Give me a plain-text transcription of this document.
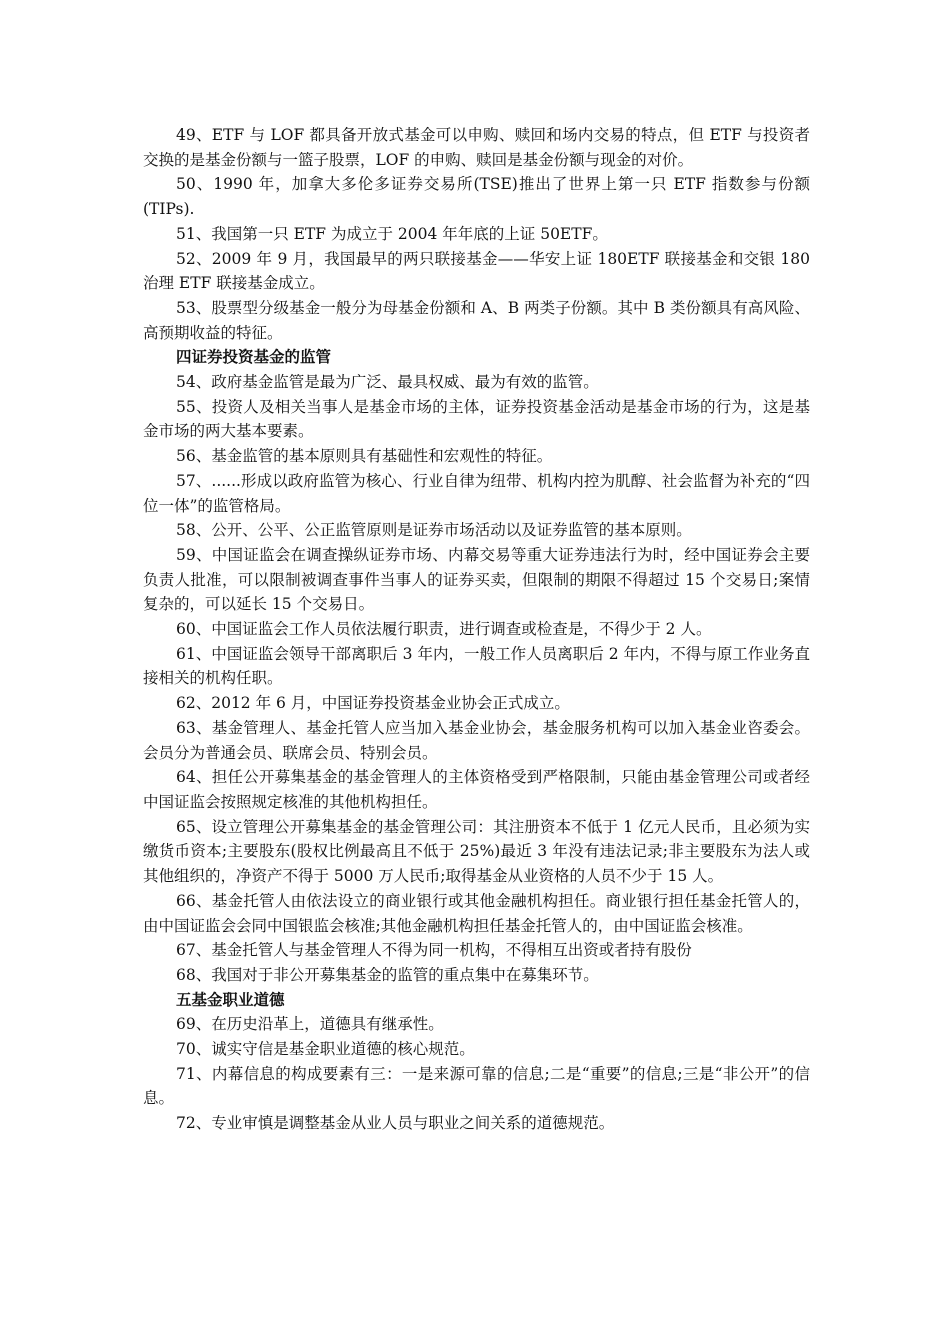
49、ETF 与 LOF 都具备开放式基金可以申购、赎回和场内交易的特点，但 ETF 与投资者交换的是基金份额与一篮子股票，LOF 的申购、赎回是基金份额与现金的对价。

50、1990 年，加拿大多伦多证券交易所(TSE)推出了世界上第一只 ETF 指数参与份额(TIPs).

51、我国第一只 ETF 为成立于 2004 年年底的上证 50ETF。

52、2009 年 9 月，我国最早的两只联接基金——华安上证 180ETF 联接基金和交银 180 治理 ETF 联接基金成立。

53、股票型分级基金一般分为母基金份额和 A、B 两类子份额。其中 B 类份额具有高风险、高预期收益的特征。

四证券投资基金的监管

54、政府基金监管是最为广泛、最具权威、最为有效的监管。

55、投资人及相关当事人是基金市场的主体，证券投资基金活动是基金市场的行为，这是基金市场的两大基本要素。

56、基金监管的基本原则具有基础性和宏观性的特征。

57、......形成以政府监管为核心、行业自律为纽带、机构内控为肌醇、社会监督为补充的“四位一体”的监管格局。

58、公开、公平、公正监管原则是证券市场活动以及证券监管的基本原则。

59、中国证监会在调查操纵证券市场、内幕交易等重大证券违法行为时，经中国证券会主要负责人批准，可以限制被调查事件当事人的证券买卖，但限制的期限不得超过 15 个交易日;案情复杂的，可以延长 15 个交易日。

60、中国证监会工作人员依法履行职责，进行调查或检查是，不得少于 2 人。

61、中国证监会领导干部离职后 3 年内，一般工作人员离职后 2 年内，不得与原工作业务直接相关的机构任职。

62、2012 年 6 月，中国证券投资基金业协会正式成立。

63、基金管理人、基金托管人应当加入基金业协会，基金服务机构可以加入基金业咨委会。会员分为普通会员、联席会员、特别会员。

64、担任公开募集基金的基金管理人的主体资格受到严格限制，只能由基金管理公司或者经中国证监会按照规定核准的其他机构担任。

65、设立管理公开募集基金的基金管理公司：其注册资本不低于 1 亿元人民币，且必须为实缴货币资本;主要股东(股权比例最高且不低于 25%)最近 3 年没有违法记录;非主要股东为法人或其他组织的，净资产不得于 5000 万人民币;取得基金从业资格的人员不少于 15 人。

66、基金托管人由依法设立的商业银行或其他金融机构担任。商业银行担任基金托管人的，由中国证监会会同中国银监会核准;其他金融机构担任基金托管人的，由中国证监会核准。

67、基金托管人与基金管理人不得为同一机构，不得相互出资或者持有股份

68、我国对于非公开募集基金的监管的重点集中在募集环节。

五基金职业道德

69、在历史沿革上，道德具有继承性。

70、诚实守信是基金职业道德的核心规范。

71、内幕信息的构成要素有三：一是来源可靠的信息;二是“重要”的信息;三是“非公开”的信息。

72、专业审慎是调整基金从业人员与职业之间关系的道德规范。
